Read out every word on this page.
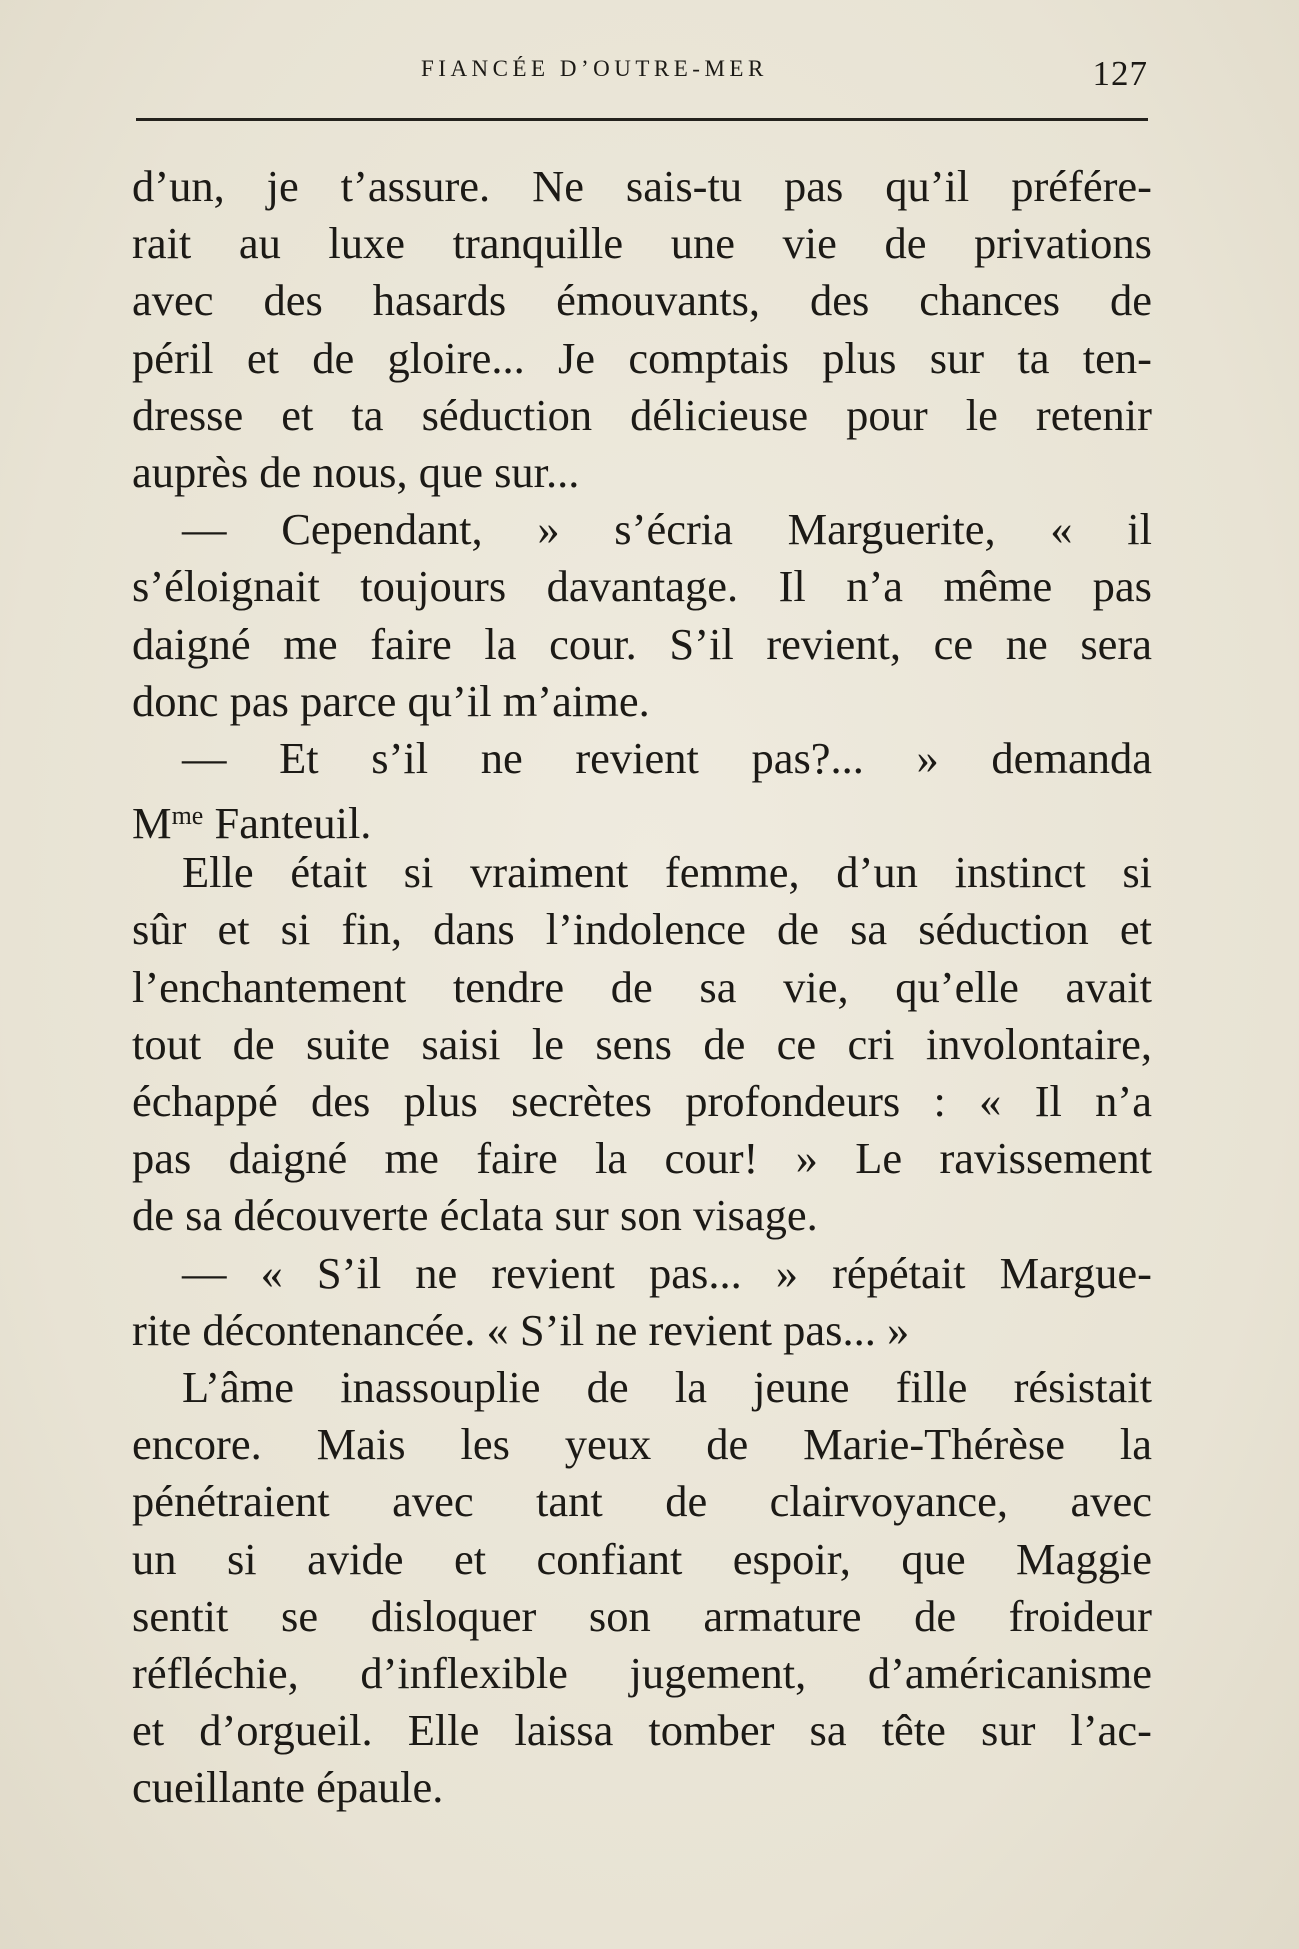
FIANCÉE D’OUTRE-MER	127
d’un, je t’assure. Ne sais-tu pas qu’il préfére-
rait au luxe tranquille une vie de privations
avec des hasards émouvants, des chances de
péril et de gloire... Je comptais plus sur ta ten-
dresse et ta séduction délicieuse pour le retenir
auprès de nous, que sur...
— Cependant, » s’écria Marguerite, « il
s’éloignait toujours davantage. Il n’a même pas
daigné me faire la cour. S’il revient, ce ne sera
donc pas parce qu’il m’aime.
— Et s’il ne revient pas?... » demanda
$M^{me}$ Fanteuil.
Elle était si vraiment femme, d’un instinct si
sûr et si fin, dans l’indolence de sa séduction et
l’enchantement tendre de sa vie, qu’elle avait
tout de suite saisi le sens de ce cri involontaire,
échappé des plus secrètes profondeurs : « Il n’a
pas daigné me faire la cour! » Le ravissement
de sa découverte éclata sur son visage.
— « S’il ne revient pas... » répétait Margue-
rite décontenancée. « S’il ne revient pas... »
L’âme inassouplie de la jeune fille résistait
encore. Mais les yeux de Marie-Thérèse la
pénétraient avec tant de clairvoyance, avec
un si avide et confiant espoir, que Maggie
sentit se disloquer son armature de froideur
réfléchie, d’inflexible jugement, d’américanisme
et d’orgueil. Elle laissa tomber sa tête sur l’ac-
cueillante épaule.
